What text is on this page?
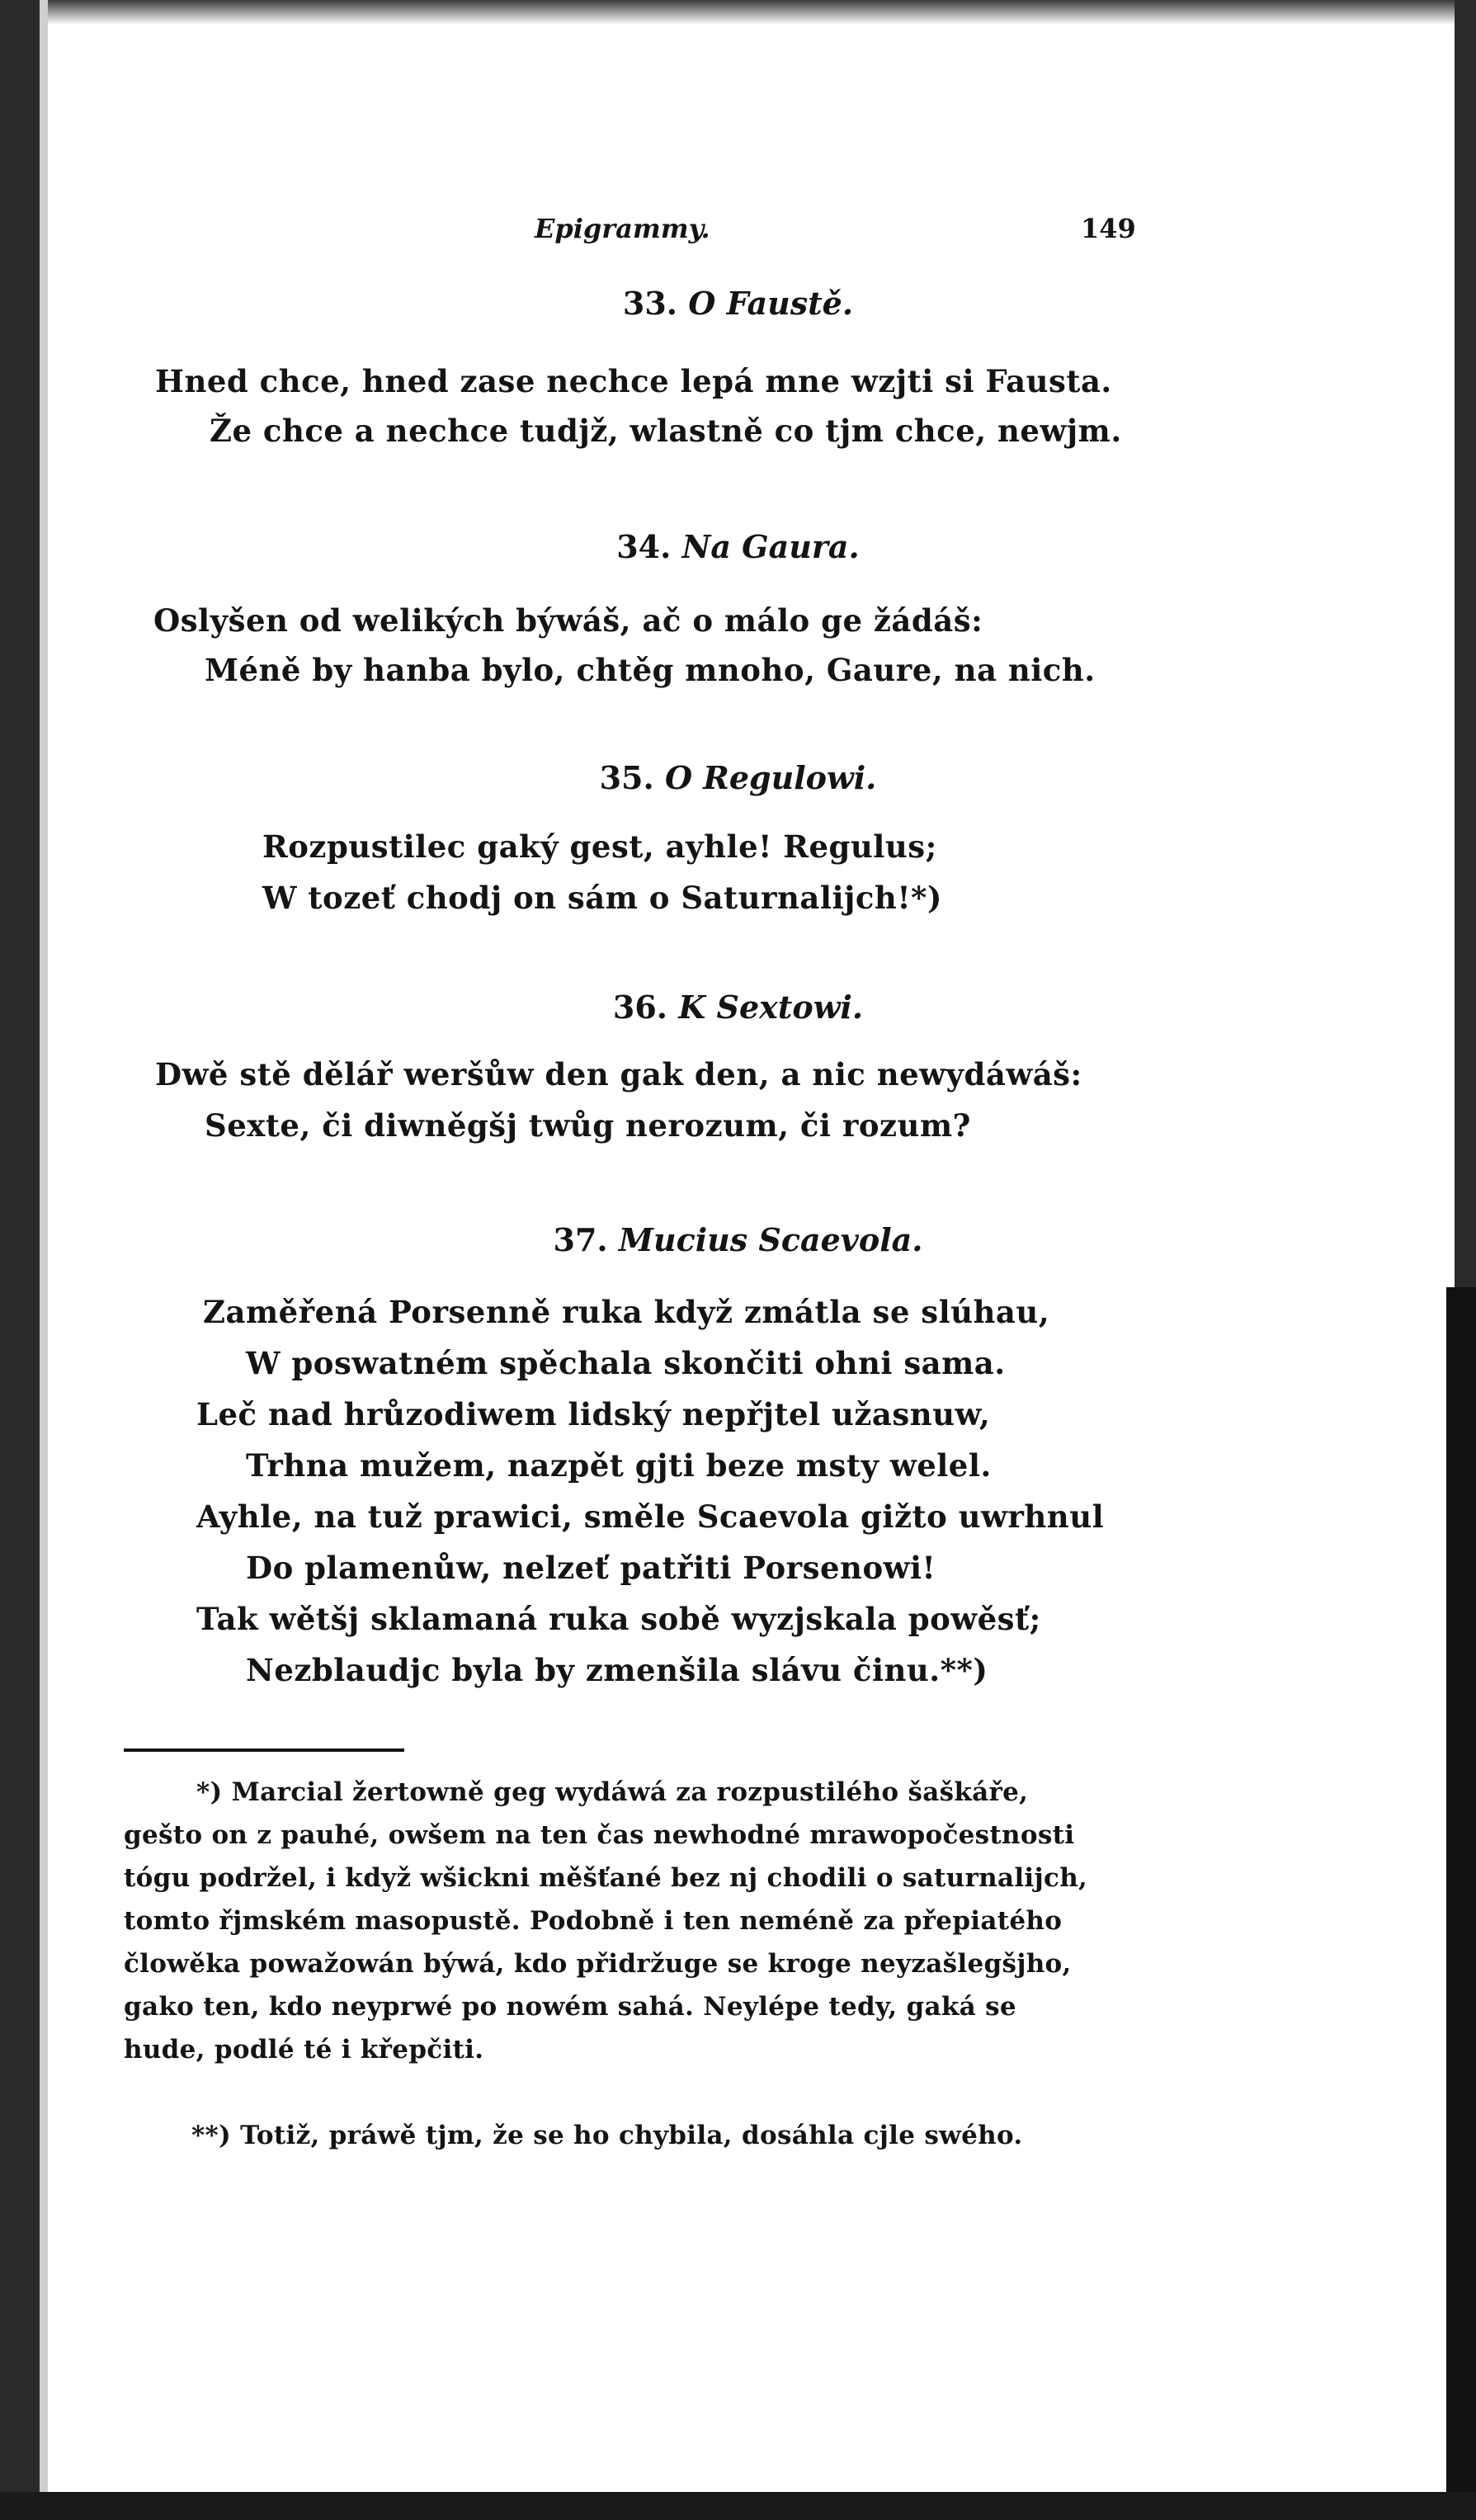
Epigrammy.	149
33. O Faustě.
Hned chce, hned zase nechce lepá mne wzjti si Fausta.
Že chce a nechce tudjž, wlastně co tjm chce, newjm.
34. Na Gaura.
Oslyšen od welikých býwáš, ač o málo ge žádáš:
Méně by hanba bylo, chtěg mnoho, Gaure, na nich.
35. O Regulowi.
Rozpustilec gaký gest, ayhle! Regulus;
W tozeť chodj on sám o Saturnalijch!*)
36. K Sextowi.
Dwě stě dělář weršůw den gak den, a nic newydáwáš:
Sexte, či diwněgšj twůg nerozum, či rozum?
37. Mucius Scaevola.
Zaměřená Porsenně ruka když zmátla se slúhau,
W poswatném spěchala skončiti ohni sama.
Leč nad hrůzodiwem lidský nepřjtel užasnuw,
Trhna mužem, nazpět gjti beze msty welel.
Ayhle, na tuž prawici, směle Scaevola gižto uwrhnul
Do plamenůw, nelzeť patřiti Porsenowi!
Tak wětšj sklamaná ruka sobě wyzjskala powěsť;
Nezblaudjc byla by zmenšila slávu činu.**)
*) Marcial žertowně geg wydáwá za rozpustilého šaškáře,
gešto on z pauhé, owšem na ten čas newhodné mrawopočestnosti
tógu podržel, i když wšickni měšťané bez nj chodili o saturnalijch,
tomto řjmském masopustě. Podobně i ten neméně za přepiatého
člowěka powažowán býwá, kdo přidržuge se kroge neyzašlegšjho,
gako ten, kdo neyprwé po nowém sahá. Neylépe tedy, gaká se
hude, podlé té i křepčiti.
**) Totiž, práwě tjm, že se ho chybila, dosáhla cjle swého.
